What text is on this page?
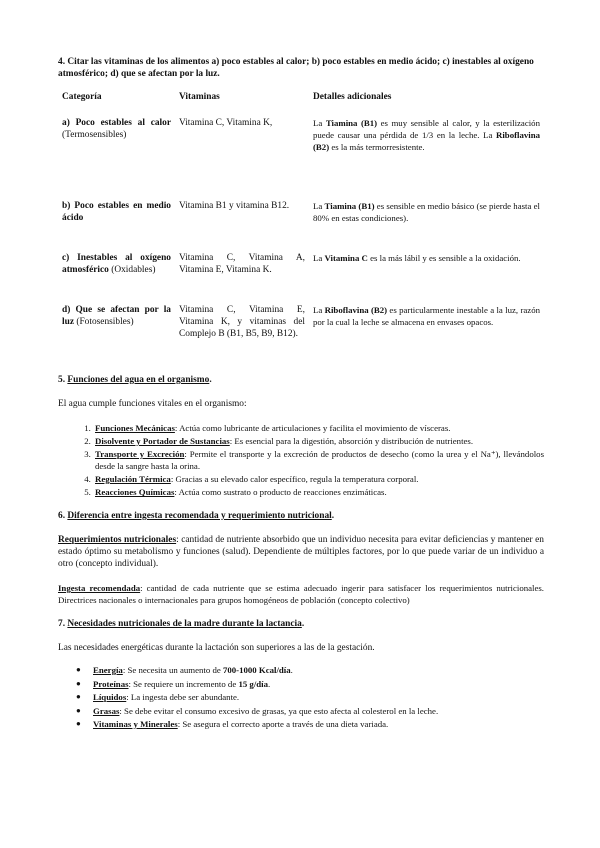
4. Citar las vitaminas de los alimentos a) poco estables al calor; b) poco estables en medio ácido; c) inestables al oxígeno atmosférico; d) que se afectan por la luz.
Categoría	Vitaminas	Detalles adicionales
a) Poco estables al calor (Termosensibles)	Vitamina C, Vitamina K,	La Tiamina (B1) es muy sensible al calor, y la esterilización puede causar una pérdida de 1/3 en la leche. La Riboflavina (B2) es la más termorresistente.
b) Poco estables en medio ácido	Vitamina B1 y vitamina B12.	La Tiamina (B1) es sensible en medio básico (se pierde hasta el 80% en estas condiciones).
c) Inestables al oxígeno atmosférico (Oxidables)	Vitamina C, Vitamina A, Vitamina E, Vitamina K.	La Vitamina C es la más lábil y es sensible a la oxidación.
d) Que se afectan por la luz (Fotosensibles)	Vitamina C, Vitamina E, Vitamina K, y vitaminas del Complejo B (B1, B5, B9, B12).	La Riboflavina (B2) es particularmente inestable a la luz, razón por la cual la leche se almacena en envases opacos.
5. Funciones del agua en el organismo.

El agua cumple funciones vitales en el organismo:

1. Funciones Mecánicas: Actúa como lubricante de articulaciones y facilita el movimiento de vísceras.
2. Disolvente y Portador de Sustancias: Es esencial para la digestión, absorción y distribución de nutrientes.
3. Transporte y Excreción: Permite el transporte y la excreción de productos de desecho (como la urea y el Na⁺), llevándolos desde la sangre hasta la orina.
4. Regulación Térmica: Gracias a su elevado calor específico, regula la temperatura corporal.
5. Reacciones Químicas: Actúa como sustrato o producto de reacciones enzimáticas.
6. Diferencia entre ingesta recomendada y requerimiento nutricional.

Requerimientos nutricionales: cantidad de nutriente absorbido que un individuo necesita para evitar deficiencias y mantener en estado óptimo su metabolismo y funciones (salud). Dependiente de múltiples factores, por lo que puede variar de un individuo a otro (concepto individual).

Ingesta recomendada: cantidad de cada nutriente que se estima adecuado ingerir para satisfacer los requerimientos nutricionales. Directrices nacionales o internacionales para grupos homogéneos de población (concepto colectivo)

7. Necesidades nutricionales de la madre durante la lactancia.

Las necesidades energéticas durante la lactación son superiores a las de la gestación.

● Energía: Se necesita un aumento de 700-1000 Kcal/día.
● Proteínas: Se requiere un incremento de 15 g/día.
● Líquidos: La ingesta debe ser abundante.
● Grasas: Se debe evitar el consumo excesivo de grasas, ya que esto afecta al colesterol en la leche.
● Vitaminas y Minerales: Se asegura el correcto aporte a través de una dieta variada.
